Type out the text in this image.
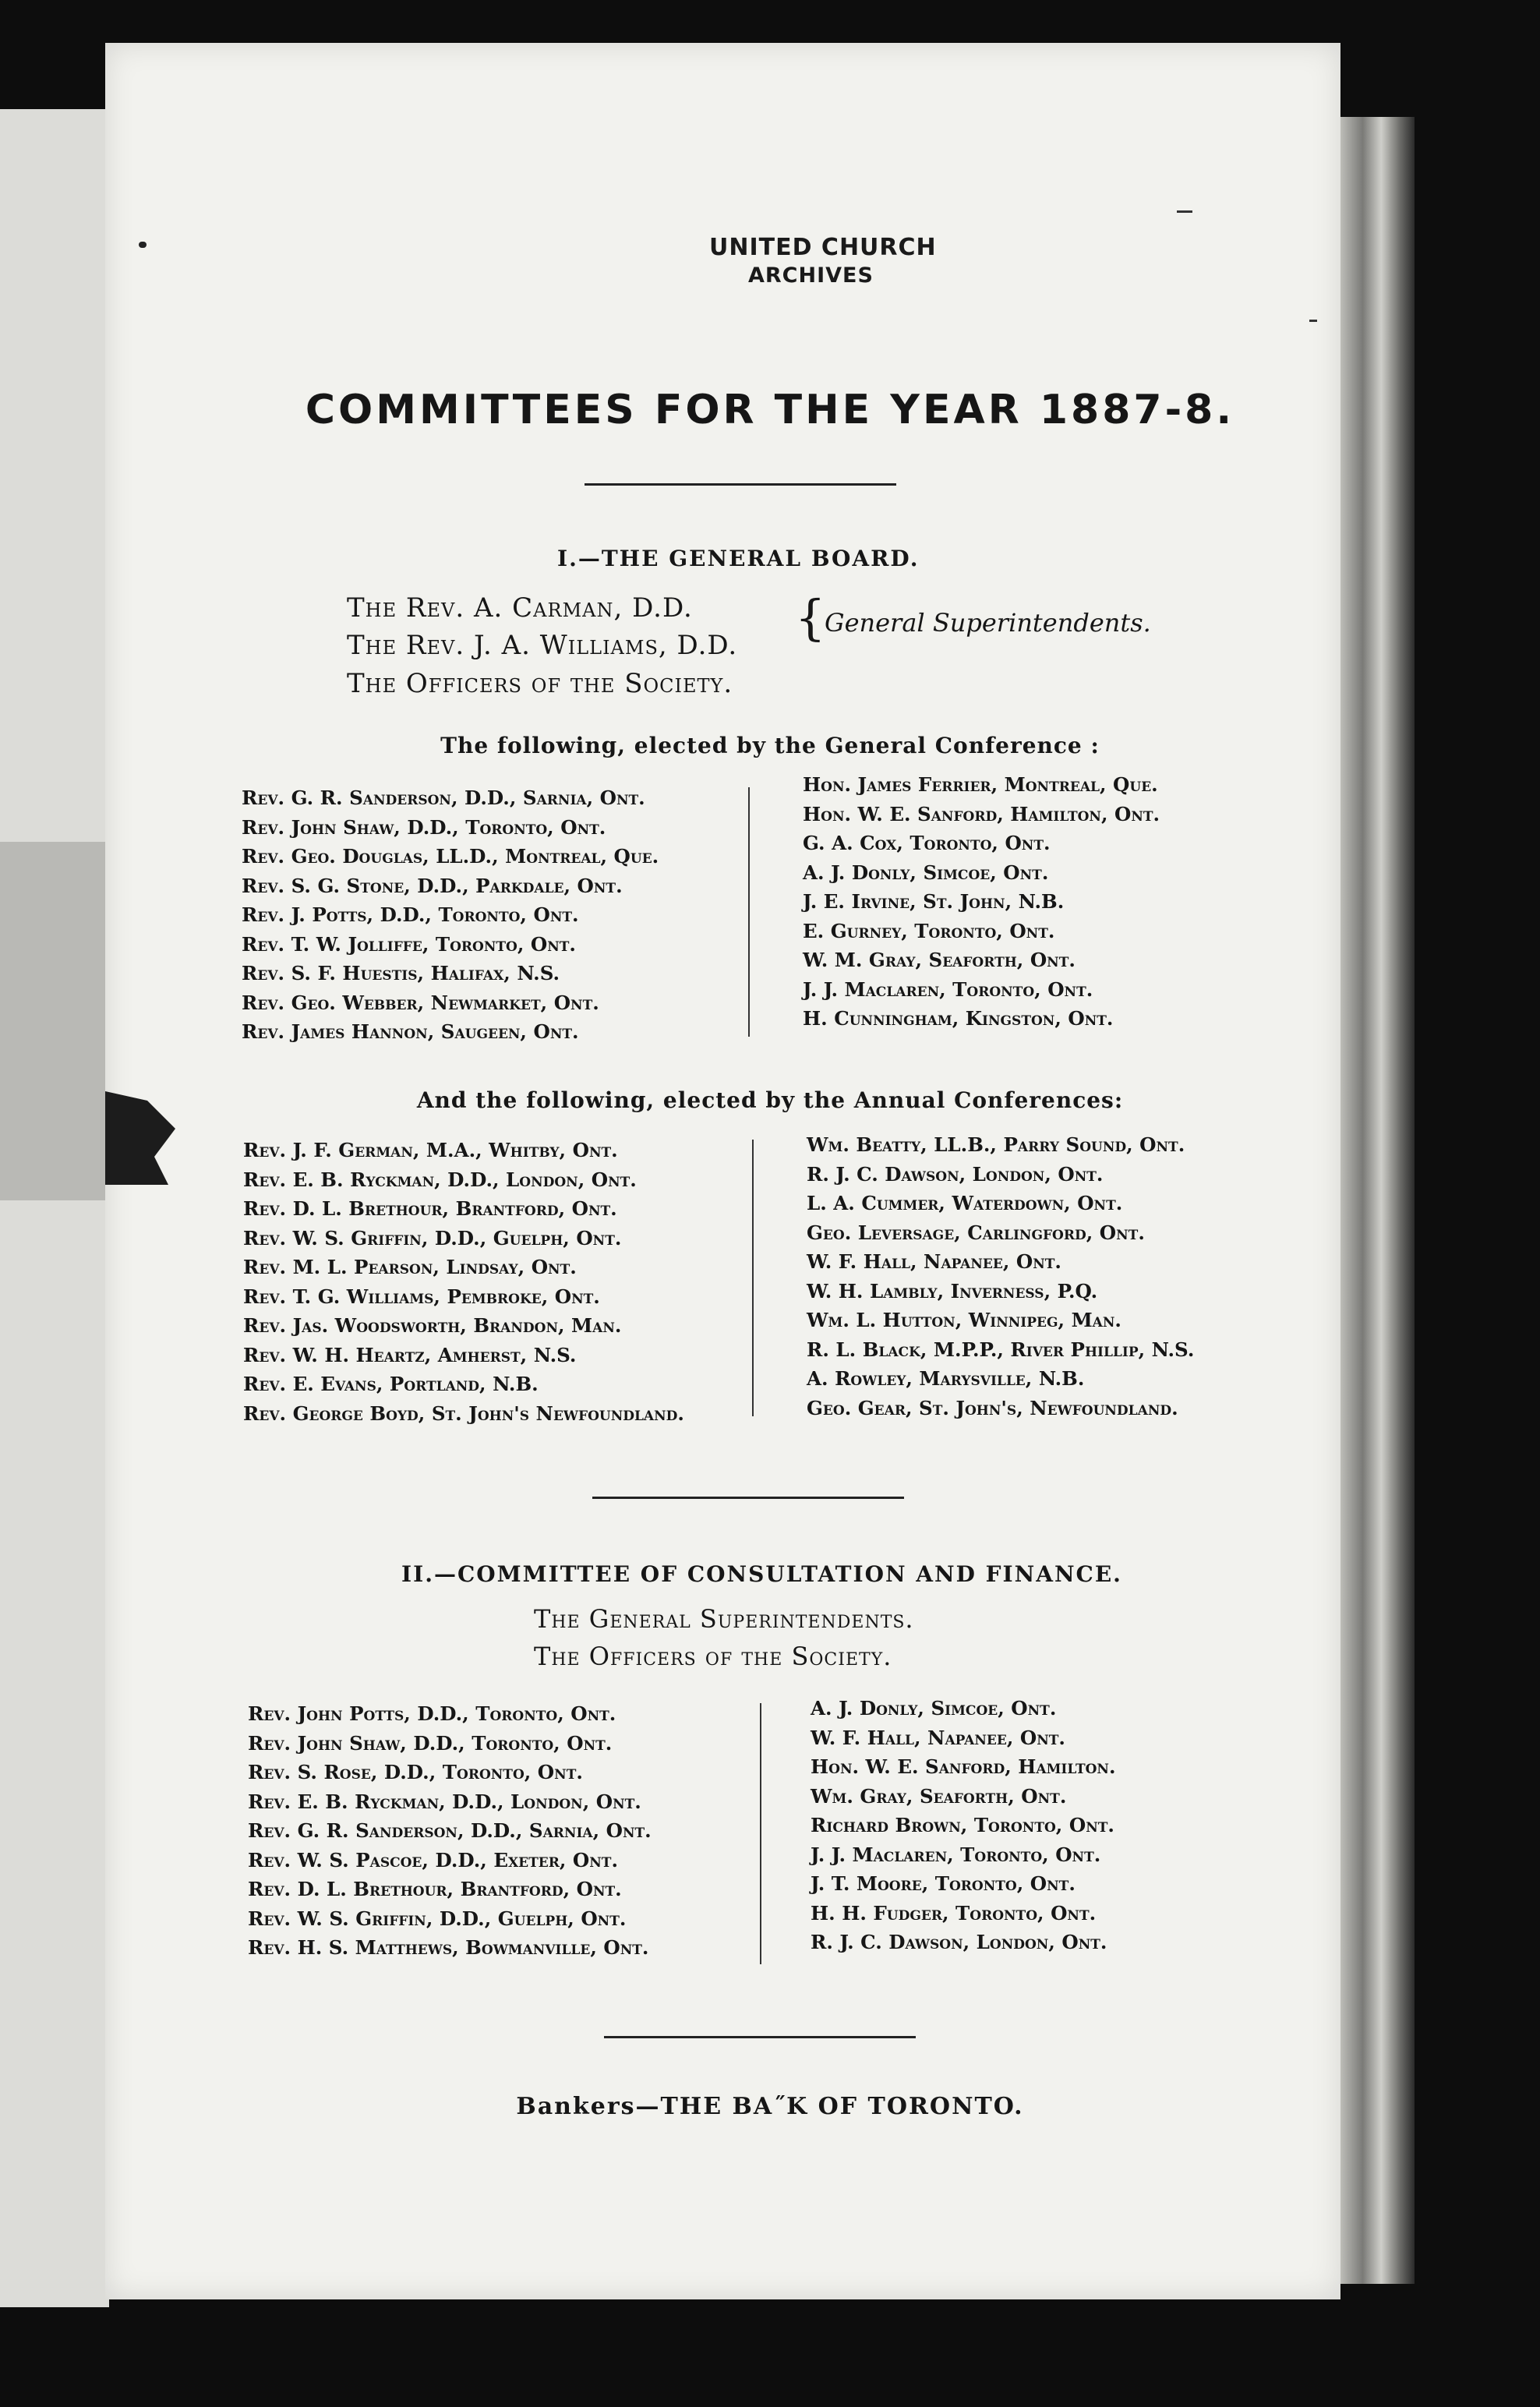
UNITED CHURCH
ARCHIVES
COMMITTEES FOR THE YEAR 1887-8.
I.—THE GENERAL BOARD.
The Rev. A. Carman, D.D.
The Rev. J. A. Williams, D.D.
The Officers of the Society.
{
General Superintendents.
The following, elected by the General Conference :
Rev. G. R. Sanderson, D.D., Sarnia, Ont.
Rev. John Shaw, D.D., Toronto, Ont.
Rev. Geo. Douglas, LL.D., Montreal, Que.
Rev. S. G. Stone, D.D., Parkdale, Ont.
Rev. J. Potts, D.D., Toronto, Ont.
Rev. T. W. Jolliffe, Toronto, Ont.
Rev. S. F. Huestis, Halifax, N.S.
Rev. Geo. Webber, Newmarket, Ont.
Rev. James Hannon, Saugeen, Ont.
Hon. James Ferrier, Montreal, Que.
Hon. W. E. Sanford, Hamilton, Ont.
G. A. Cox, Toronto, Ont.
A. J. Donly, Simcoe, Ont.
J. E. Irvine, St. John, N.B.
E. Gurney, Toronto, Ont.
W. M. Gray, Seaforth, Ont.
J. J. Maclaren, Toronto, Ont.
H. Cunningham, Kingston, Ont.
And the following, elected by the Annual Conferences:
Rev. J. F. German, M.A., Whitby, Ont.
Rev. E. B. Ryckman, D.D., London, Ont.
Rev. D. L. Brethour, Brantford, Ont.
Rev. W. S. Griffin, D.D., Guelph, Ont.
Rev. M. L. Pearson, Lindsay, Ont.
Rev. T. G. Williams, Pembroke, Ont.
Rev. Jas. Woodsworth, Brandon, Man.
Rev. W. H. Heartz, Amherst, N.S.
Rev. E. Evans, Portland, N.B.
Rev. George Boyd, St. John's Newfoundland.
Wm. Beatty, LL.B., Parry Sound, Ont.
R. J. C. Dawson, London, Ont.
L. A. Cummer, Waterdown, Ont.
Geo. Leversage, Carlingford, Ont.
W. F. Hall, Napanee, Ont.
W. H. Lambly, Inverness, P.Q.
Wm. L. Hutton, Winnipeg, Man.
R. L. Black, M.P.P., River Phillip, N.S.
A. Rowley, Marysville, N.B.
Geo. Gear, St. John's, Newfoundland.
II.—COMMITTEE OF CONSULTATION AND FINANCE.
The General Superintendents.
The Officers of the Society.
Rev. John Potts, D.D., Toronto, Ont.
Rev. John Shaw, D.D., Toronto, Ont.
Rev. S. Rose, D.D., Toronto, Ont.
Rev. E. B. Ryckman, D.D., London, Ont.
Rev. G. R. Sanderson, D.D., Sarnia, Ont.
Rev. W. S. Pascoe, D.D., Exeter, Ont.
Rev. D. L. Brethour, Brantford, Ont.
Rev. W. S. Griffin, D.D., Guelph, Ont.
Rev. H. S. Matthews, Bowmanville, Ont.
A. J. Donly, Simcoe, Ont.
W. F. Hall, Napanee, Ont.
Hon. W. E. Sanford, Hamilton.
Wm. Gray, Seaforth, Ont.
Richard Brown, Toronto, Ont.
J. J. Maclaren, Toronto, Ont.
J. T. Moore, Toronto, Ont.
H. H. Fudger, Toronto, Ont.
R. J. C. Dawson, London, Ont.
Bankers—THE BA˝K OF TORONTO.
